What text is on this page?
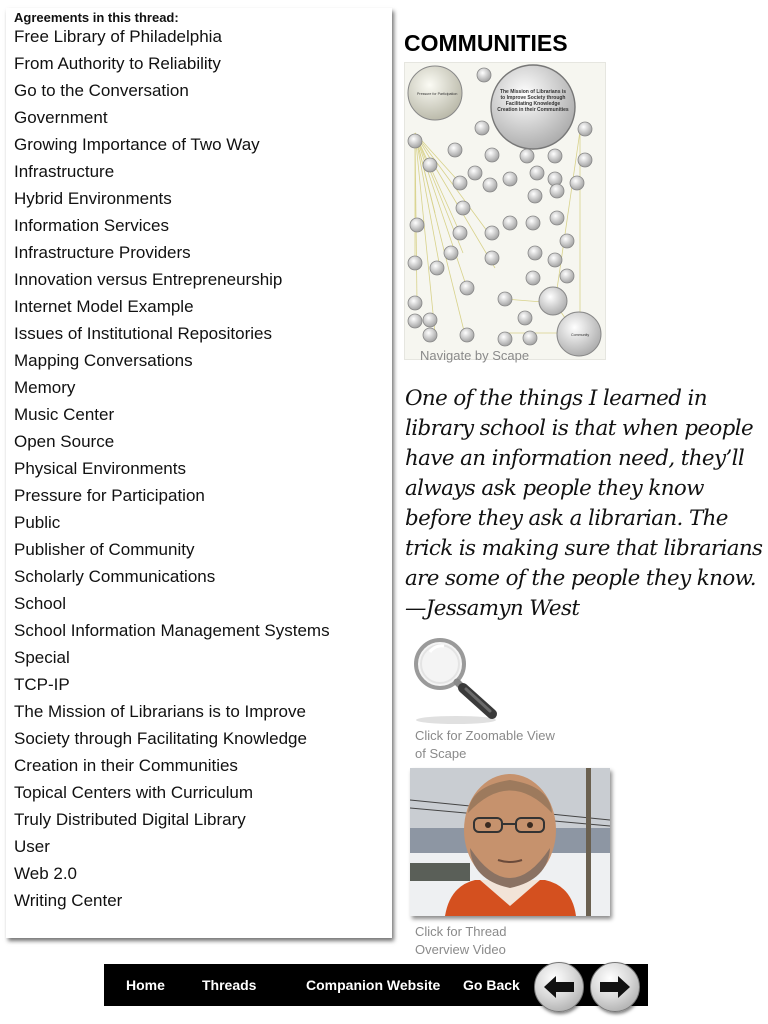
Agreements in this thread:
Free Library of Philadelphia
From Authority to Reliability
Go to the Conversation
Government
Growing Importance of Two Way
Infrastructure
Hybrid Environments
Information Services
Infrastructure Providers
Innovation versus Entrepreneurship
Internet Model Example
Issues of Institutional Repositories
Mapping Conversations
Memory
Music Center
Open Source
Physical Environments
Pressure for Participation
Public
Publisher of Community
Scholarly Communications
School
School Information Management Systems
Special
TCP-IP
The Mission of Librarians is to Improve
Society through Facilitating Knowledge
Creation in their Communities
Topical Centers with Curriculum
Truly Distributed Digital Library
User
Web 2.0
Writing Center
COMMUNITIES
Pressure for Participation	The Mission of Librarians is to Improve Society through Facilitating Knowledge Creation in their Communities
Community
Navigate by Scape

One of the things I learned in library school is that when people have an information need, they’ll always ask people they know before they ask a librarian. The trick is making sure that librarians are some of the people they know.
—Jessamyn West

Click for Zoomable View of Scape
Click for Thread Overview Video
Home	Threads	Companion Website Go Back
